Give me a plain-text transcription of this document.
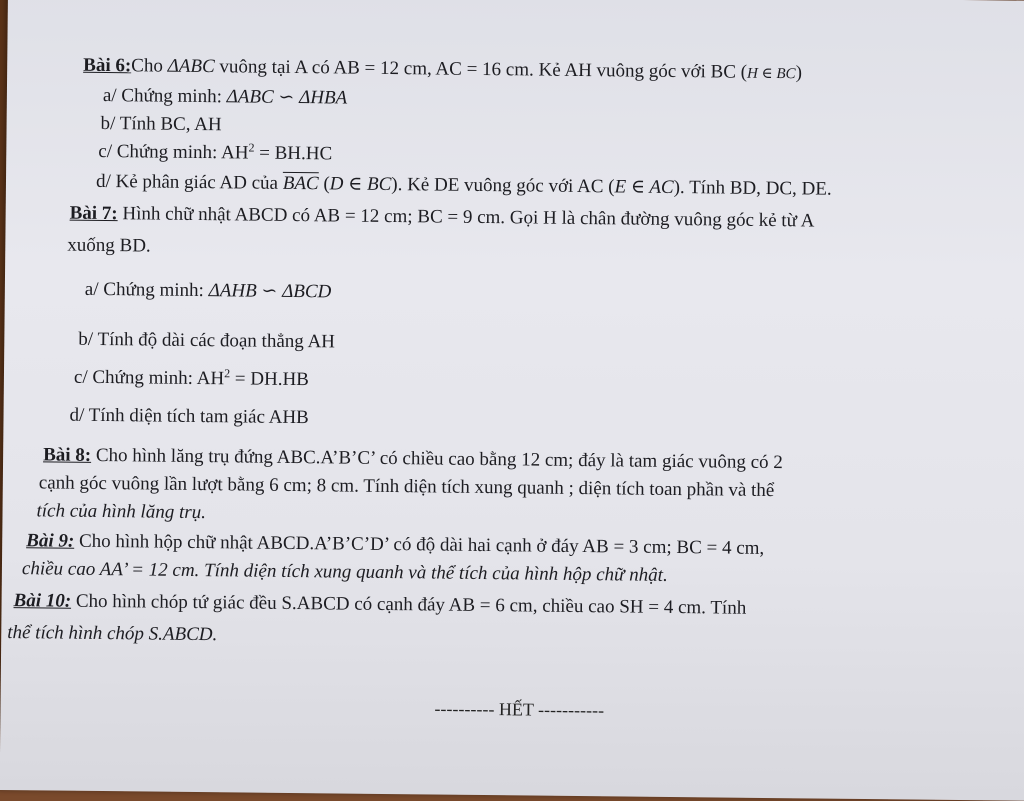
Bài 6:Cho ΔABC vuông tại A có AB = 12 cm, AC = 16 cm. Kẻ AH vuông góc với BC (H ∈ BC)
a/ Chứng minh: ΔABC ∽ ΔHBA
b/ Tính BC, AH
c/ Chứng minh: $AH^2 = BH.HC$
d/ Kẻ phân giác AD của $\overline{BAC}$ (D ∈ BC). Kẻ DE vuông góc với AC (E ∈ AC). Tính BD, DC, DE.
Bài 7: Hình chữ nhật ABCD có AB = 12 cm; BC = 9 cm. Gọi H là chân đường vuông góc kẻ từ A
xuống BD.
a/ Chứng minh: ΔAHB ∽ ΔBCD
b/ Tính độ dài các đoạn thẳng AH
c/ Chứng minh: $AH^2 = DH.HB$
d/ Tính diện tích tam giác AHB
Bài 8: Cho hình lăng trụ đứng ABC.A’B’C’ có chiều cao bằng 12 cm; đáy là tam giác vuông có 2
cạnh góc vuông lần lượt bằng 6 cm; 8 cm. Tính diện tích xung quanh ; diện tích toan phần và thể
tích của hình lăng trụ.
Bài 9: Cho hình hộp chữ nhật ABCD.A’B’C’D’ có độ dài hai cạnh ở đáy AB = 3 cm; BC = 4 cm,
chiều cao AA’ = 12 cm. Tính diện tích xung quanh và thể tích của hình hộp chữ nhật.
Bài 10: Cho hình chóp tứ giác đều S.ABCD có cạnh đáy AB = 6 cm, chiều cao SH = 4 cm. Tính
thể tích hình chóp S.ABCD.
---------- HẾT -----------
